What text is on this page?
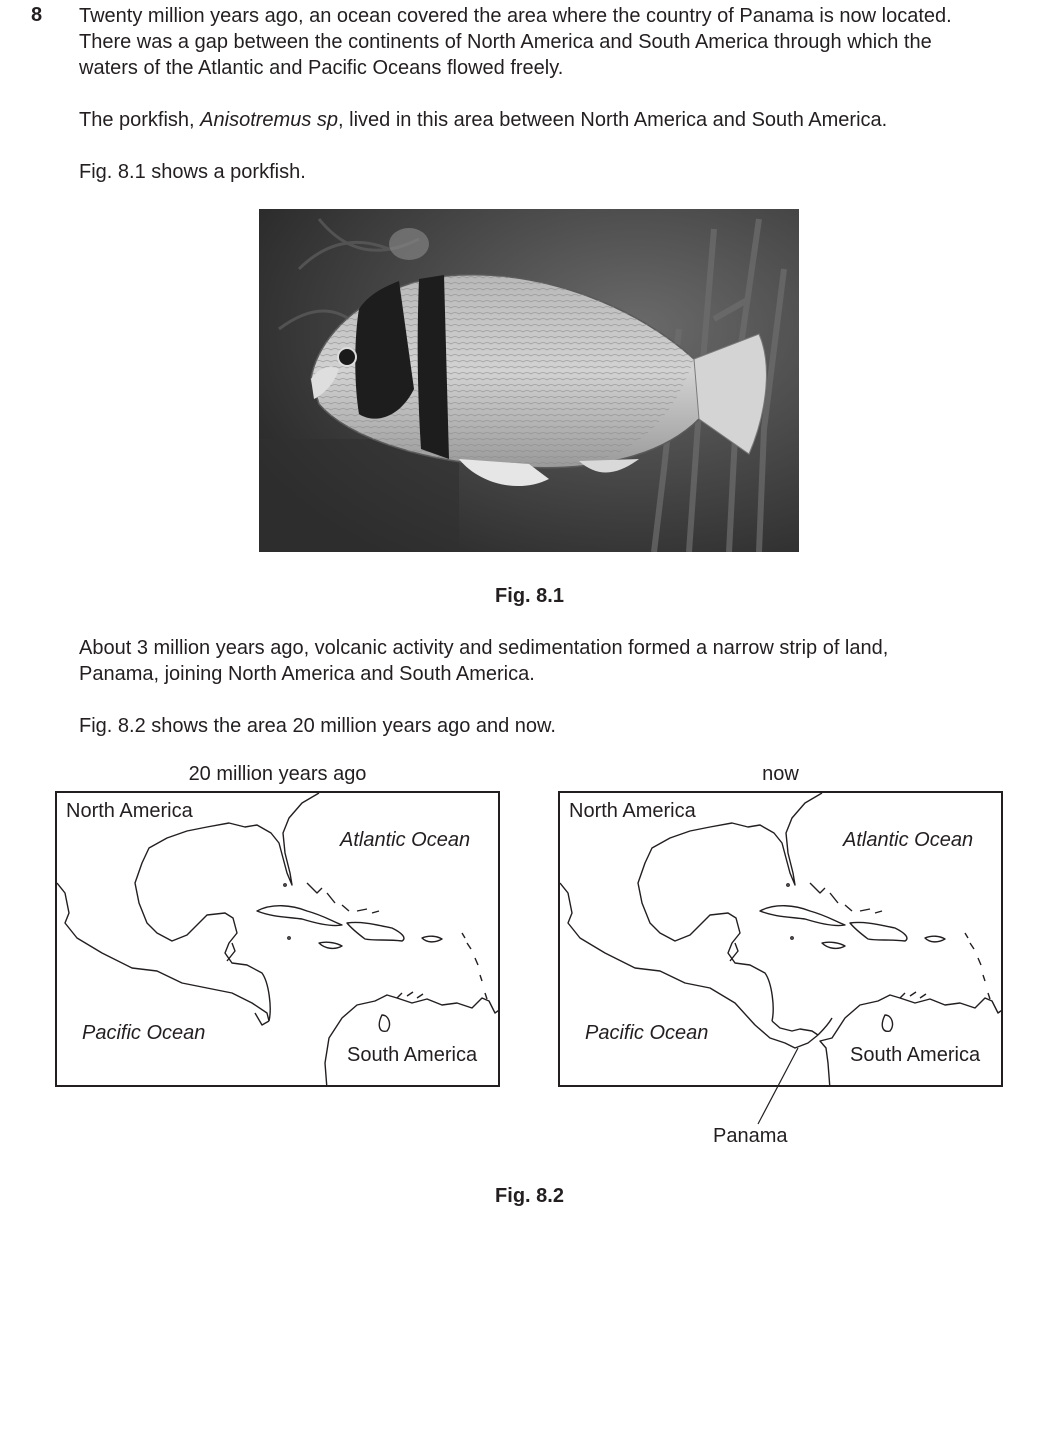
8 Twenty million years ago, an ocean covered the area where the country of Panama is now located.
There was a gap between the continents of North America and South America through which the
waters of the Atlantic and Pacific Oceans flowed freely.

The porkfish, Anisotremus sp, lived in this area between North America and South America.

Fig. 8.1 shows a porkfish.

Fig. 8.1

About 3 million years ago, volcanic activity and sedimentation formed a narrow strip of land,
Panama, joining North America and South America.

Fig. 8.2 shows the area 20 million years ago and now.

20 million years ago	now
North America
Atlantic Ocean
Pacific Ocean
South America
North America
Atlantic Ocean
Pacific Ocean
South America
Panama
Fig. 8.2
